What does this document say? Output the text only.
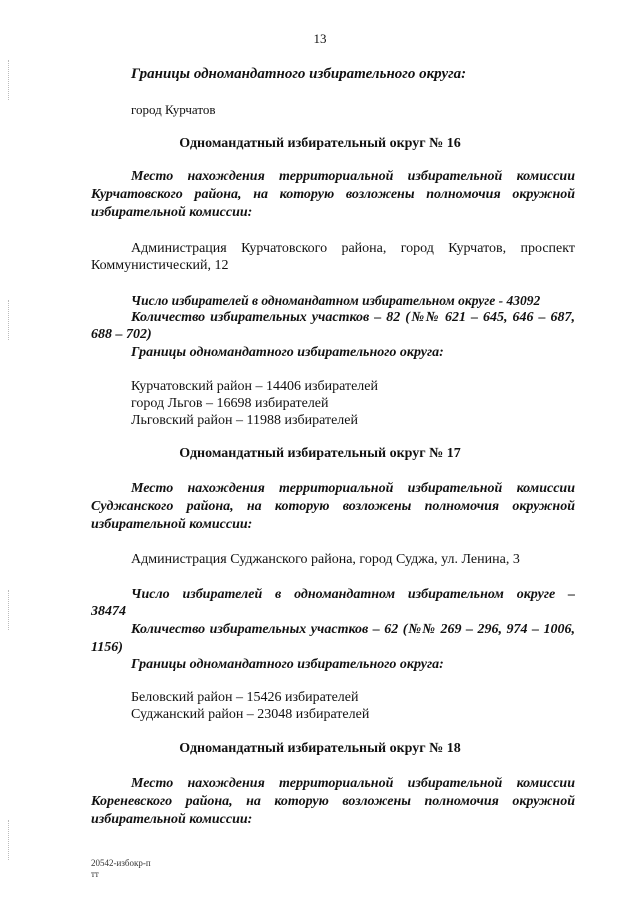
13
Границы одномандатного избирательного округа:
город Курчатов
Одномандатный избирательный округ № 16
Место нахождения территориальной избирательной комиссии
Курчатовского района, на которую возложены полномочия окружной
избирательной комиссии:
Администрация Курчатовского района, город Курчатов, проспект
Коммунистический, 12
Число избирателей в одномандатном избирательном округе - 43092
Количество избирательных участков – 82 (№№ 621 – 645, 646 – 687,
688 – 702)
Границы одномандатного избирательного округа:
Курчатовский район – 14406 избирателей
город Льгов – 16698 избирателей
Льговский район – 11988 избирателей
Одномандатный избирательный округ № 17
Место нахождения территориальной избирательной комиссии
Суджанского района, на которую возложены полномочия окружной
избирательной комиссии:
Администрация Суджанского района, город Суджа, ул. Ленина, 3
Число избирателей в одномандатном избирательном округе –
38474
Количество избирательных участков – 62 (№№ 269 – 296, 974 – 1006,
1156)
Границы одномандатного избирательного округа:
Беловский район – 15426 избирателей
Суджанский район – 23048 избирателей
Одномандатный избирательный округ № 18
Место нахождения территориальной избирательной комиссии
Кореневского района, на которую возложены полномочия окружной
избирательной комиссии:
20542-избокр-п
тт
